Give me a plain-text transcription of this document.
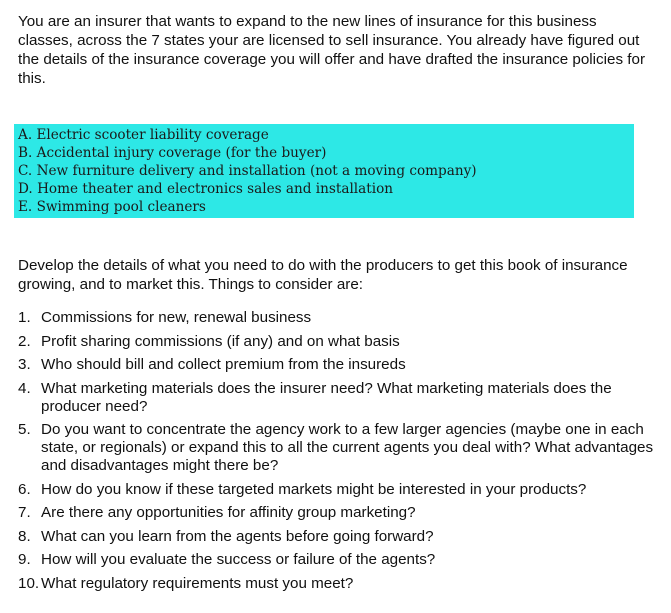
You are an insurer that wants to expand to the new lines of insurance for this business classes, across the 7 states your are licensed to sell insurance. You already have figured out the details of the insurance coverage you will offer and have drafted the insurance policies for this.

A. Electric scooter liability coverage
B. Accidental injury coverage (for the buyer)
C. New furniture delivery and installation (not a moving company)
D. Home theater and electronics sales and installation
E. Swimming pool cleaners

Develop the details of what you need to do with the producers to get this book of insurance growing, and to market this. Things to consider are:

1. Commissions for new, renewal business
2. Profit sharing commissions (if any) and on what basis
3. Who should bill and collect premium from the insureds
4. What marketing materials does the insurer need? What marketing materials does the producer need?
5. Do you want to concentrate the agency work to a few larger agencies (maybe one in each state, or regionals) or expand this to all the current agents you deal with? What advantages and disadvantages might there be?
6. How do you know if these targeted markets might be interested in your products?
7. Are there any opportunities for affinity group marketing?
8. What can you learn from the agents before going forward?
9. How will you evaluate the success or failure of the agents?
10. What regulatory requirements must you meet?
